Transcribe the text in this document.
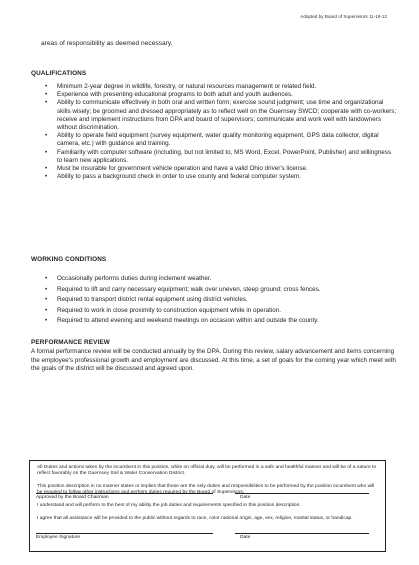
Adopted by Board of Supervisors 11-19-12
areas of responsibility as deemed necessary.
QUALIFICATIONS
• Minimum 2-year degree in wildlife, forestry, or natural resources management or related field.
• Experience with presenting educational programs to both adult and youth audiences.
• Ability to communicate effectively in both oral and written form; exercise sound judgment; use time and organizational skills wisely; be groomed and dressed appropriately as to reflect well on the Guernsey SWCD; cooperate with co-workers; receive and implement instructions from DPA and board of supervisors; communicate and work well with landowners without discrimination.
• Ability to operate field equipment (survey equipment, water quality monitoring equipment, GPS data collector, digital camera, etc.) with guidance and training.
• Familiarity with computer software (including, but not limited to, MS Word, Excel, PowerPoint, Publisher) and willingness to learn new applications.
• Must be insurable for government vehicle operation and have a valid Ohio driver's license.
• Ability to pass a background check in order to use county and federal computer system.
WORKING CONDITIONS
• Occasionally performs duties during inclement weather.
• Required to lift and carry necessary equipment; walk over uneven, steep ground; cross fences.
• Required to transport district rental equipment using district vehicles.
• Required to work in close proximity to construction equipment while in operation.
• Required to attend evening and weekend meetings on occasion within and outside the county.
PERFORMANCE REVIEW

A formal performance review will be conducted annually by the DPA. During this review, salary advancement and items concerning the employee's professional growth and employment are discussed. At this time, a set of goals for the coming year which meet with the goals of the district will be discussed and agreed upon.

All Duties and actions taken by the incumbent in this position, while on official duty, will be performed in a safe and healthful manner and will be of a nature to reflect favorably on the Guernsey Soil & Water Conservation District.

This position description in no manner states or implies that these are the only duties and responsibilities to be performed by the position incumbent who will be required to follow other instructions and perform duties required by the Board of Supervisors.

I understand and will perform to the best of my ability the job duties and requirements specified in this position description.

I agree that all assistance will be provided to the public without regards to race, color national origin, age, sex, religion, marital status, or handicap.

Approved by the Board Chairman	Date
Employee Signature	Date
